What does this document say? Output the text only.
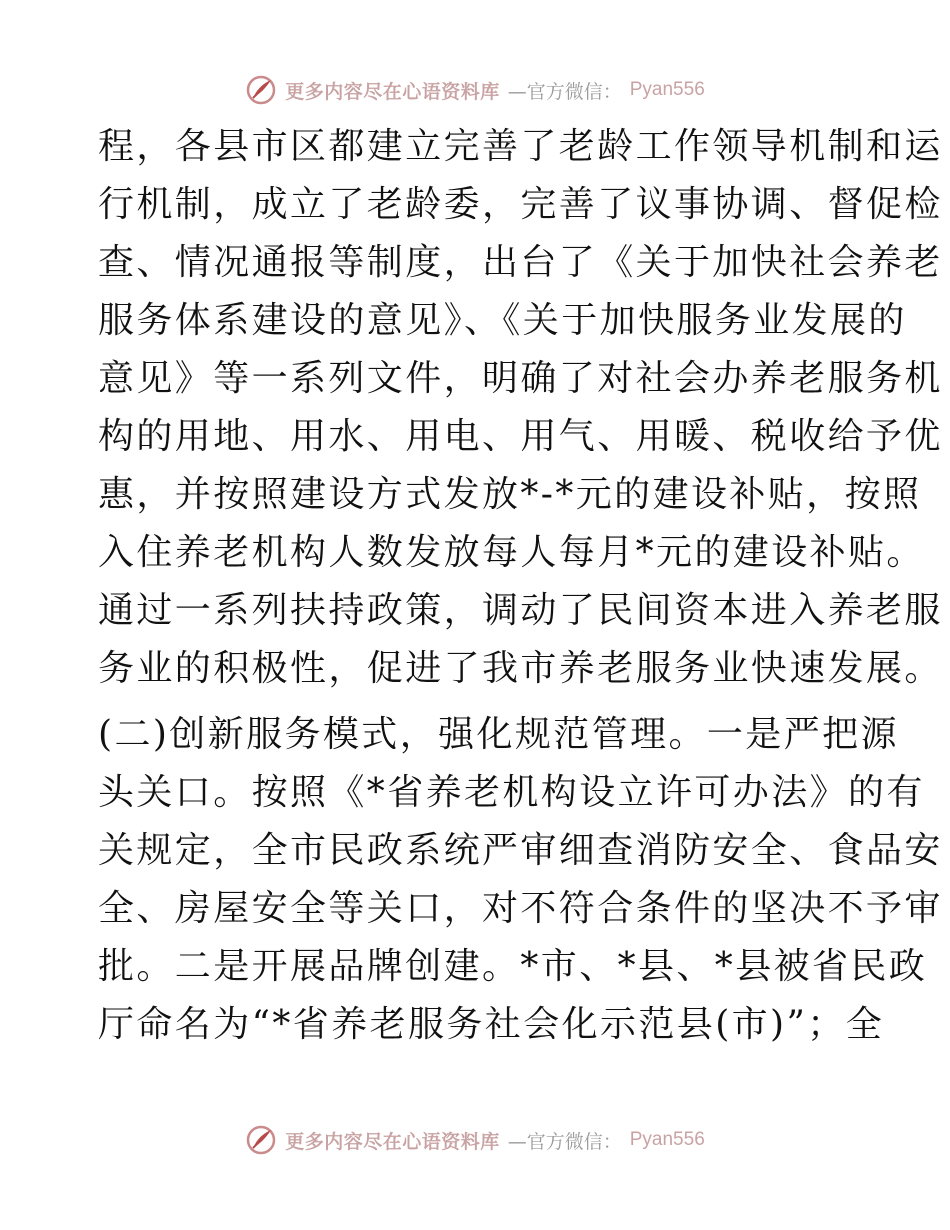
更多内容尽在心语资料库 —官方微信： Pyan556
程，各县市区都建立完善了老龄工作领导机制和运
行机制，成立了老龄委，完善了议事协调、督促检
查、情况通报等制度，出台了《关于加快社会养老
服务体系建设的意见》、《关于加快服务业发展的
意见》等一系列文件，明确了对社会办养老服务机
构的用地、用水、用电、用气、用暖、税收给予优
惠，并按照建设方式发放*-*元的建设补贴，按照
入住养老机构人数发放每人每月*元的建设补贴。
通过一系列扶持政策，调动了民间资本进入养老服
务业的积极性，促进了我市养老服务业快速发展。
(二)创新服务模式，强化规范管理。一是严把源
头关口。按照《*省养老机构设立许可办法》的有
关规定，全市民政系统严审细查消防安全、食品安
全、房屋安全等关口，对不符合条件的坚决不予审
批。二是开展品牌创建。*市、*县、*县被省民政
厅命名为“*省养老服务社会化示范县(市)”；全
更多内容尽在心语资料库 —官方微信： Pyan556
